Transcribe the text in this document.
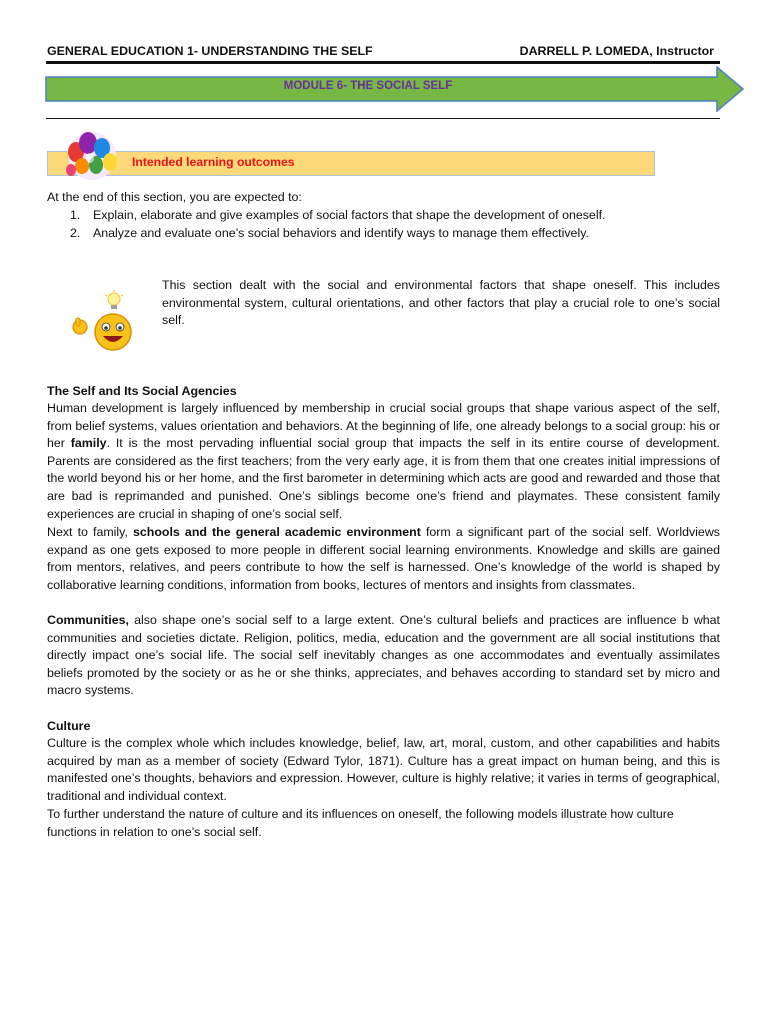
GENERAL EDUCATION 1- UNDERSTANDING THE SELF	DARRELL P. LOMEDA, Instructor
MODULE 6- THE SOCIAL SELF
Intended learning outcomes
At the end of this section, you are expected to:
1.	Explain, elaborate and give examples of social factors that shape the development of oneself.
2.	Analyze and evaluate one’s social behaviors and identify ways to manage them effectively.
This section dealt with the social and environmental factors that shape oneself. This includes environmental system, cultural orientations, and other factors that play a crucial role to one’s social self.
The Self and Its Social Agencies
Human development is largely influenced by membership in crucial social groups that shape various aspect of the self, from belief systems, values orientation and behaviors. At the beginning of life, one already belongs to a social group: his or her family. It is the most pervading influential social group that impacts the self in its entire course of development. Parents are considered as the first teachers; from the very early age, it is from them that one creates initial impressions of the world beyond his or her home, and the first barometer in determining which acts are good and rewarded and those that are bad is reprimanded and punished. One’s siblings become one’s friend and playmates. These consistent family experiences are crucial in shaping of one’s social self.
Next to family, schools and the general academic environment form a significant part of the social self. Worldviews expand as one gets exposed to more people in different social learning environments. Knowledge and skills are gained from mentors, relatives, and peers contribute to how the self is harnessed. One’s knowledge of the world is shaped by collaborative learning conditions, information from books, lectures of mentors and insights from classmates.
Communities, also shape one’s social self to a large extent. One’s cultural beliefs and practices are influence b what communities and societies dictate. Religion, politics, media, education and the government are all social institutions that directly impact one’s social life. The social self inevitably changes as one accommodates and eventually assimilates beliefs promoted by the society or as he or she thinks, appreciates, and behaves according to standard set by micro and macro systems.
Culture
Culture is the complex whole which includes knowledge, belief, law, art, moral, custom, and other capabilities and habits acquired by man as a member of society (Edward Tylor, 1871). Culture has a great impact on human being, and this is manifested one’s thoughts, behaviors and expression. However, culture is highly relative; it varies in terms of geographical, traditional and individual context.
To further understand the nature of culture and its influences on oneself, the following models illustrate how culture functions in relation to one’s social self.
